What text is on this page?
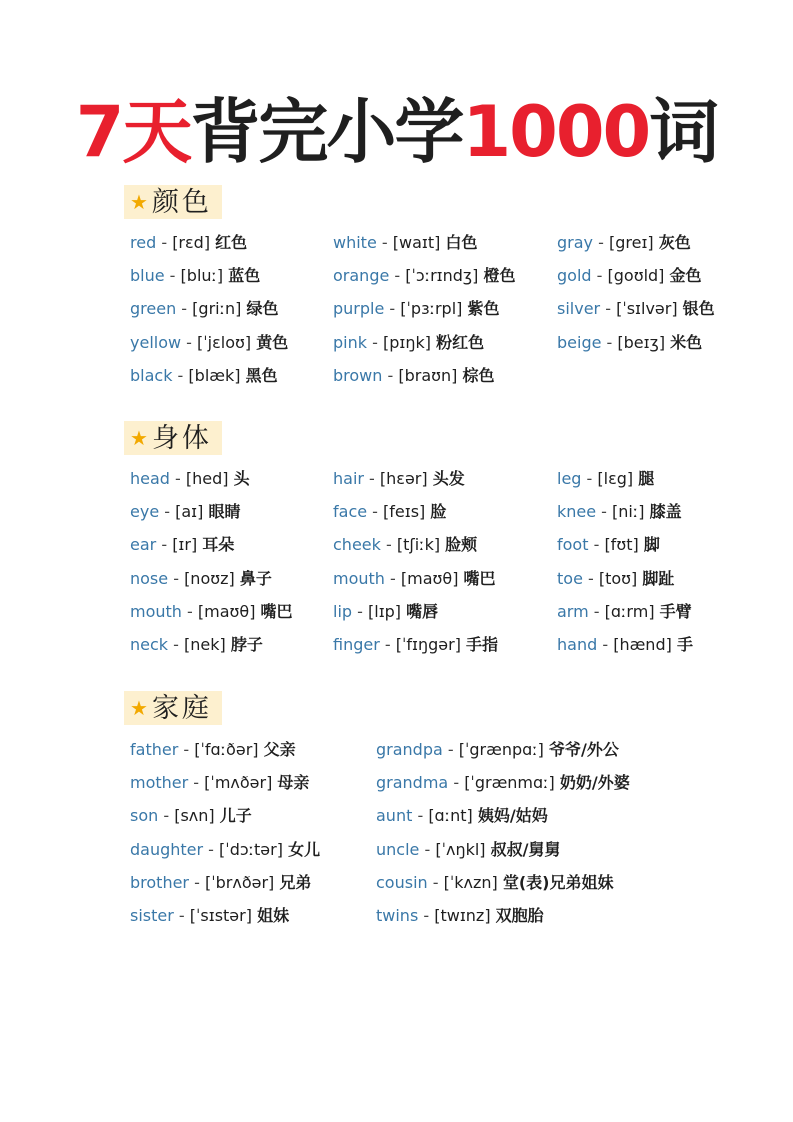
7天背完小学1000词
★ 颜色
★ 身体
★ 家庭
red - [rɛd] 红色
blue - [bluː] 蓝色
green - [griːn] 绿色
yellow - [ˈjɛloʊ] 黄色
black - [blæk] 黑色
white - [waɪt] 白色
orange - [ˈɔːrɪndʒ] 橙色
purple - [ˈpɜːrpl] 紫色
pink - [pɪŋk] 粉红色
brown - [braʊn] 棕色
gray - [greɪ] 灰色
gold - [goʊld] 金色
silver - [ˈsɪlvər] 银色
beige - [beɪʒ] 米色
head - [hed] 头
eye - [aɪ] 眼睛
ear - [ɪr] 耳朵
nose - [noʊz] 鼻子
mouth - [maʊθ] 嘴巴
neck - [nek] 脖子
hair - [hɛər] 头发
face - [feɪs] 脸
cheek - [tʃiːk] 脸颊
mouth - [maʊθ] 嘴巴
lip - [lɪp] 嘴唇
finger - [ˈfɪŋgər] 手指
leg - [lɛg] 腿
knee - [niː] 膝盖
foot - [fʊt] 脚
toe - [toʊ] 脚趾
arm - [ɑːrm] 手臂
hand - [hænd] 手
father - [ˈfɑːðər] 父亲
mother - [ˈmʌðər] 母亲
son - [sʌn] 儿子
daughter - [ˈdɔːtər] 女儿
brother - [ˈbrʌðər] 兄弟
sister - [ˈsɪstər] 姐妹
grandpa - [ˈgrænpɑː] 爷爷/外公
grandma - [ˈgrænmɑː] 奶奶/外婆
aunt - [ɑːnt] 姨妈/姑妈
uncle - [ˈʌŋkl] 叔叔/舅舅
cousin - [ˈkʌzn] 堂(表)兄弟姐妹
twins - [twɪnz] 双胞胎
